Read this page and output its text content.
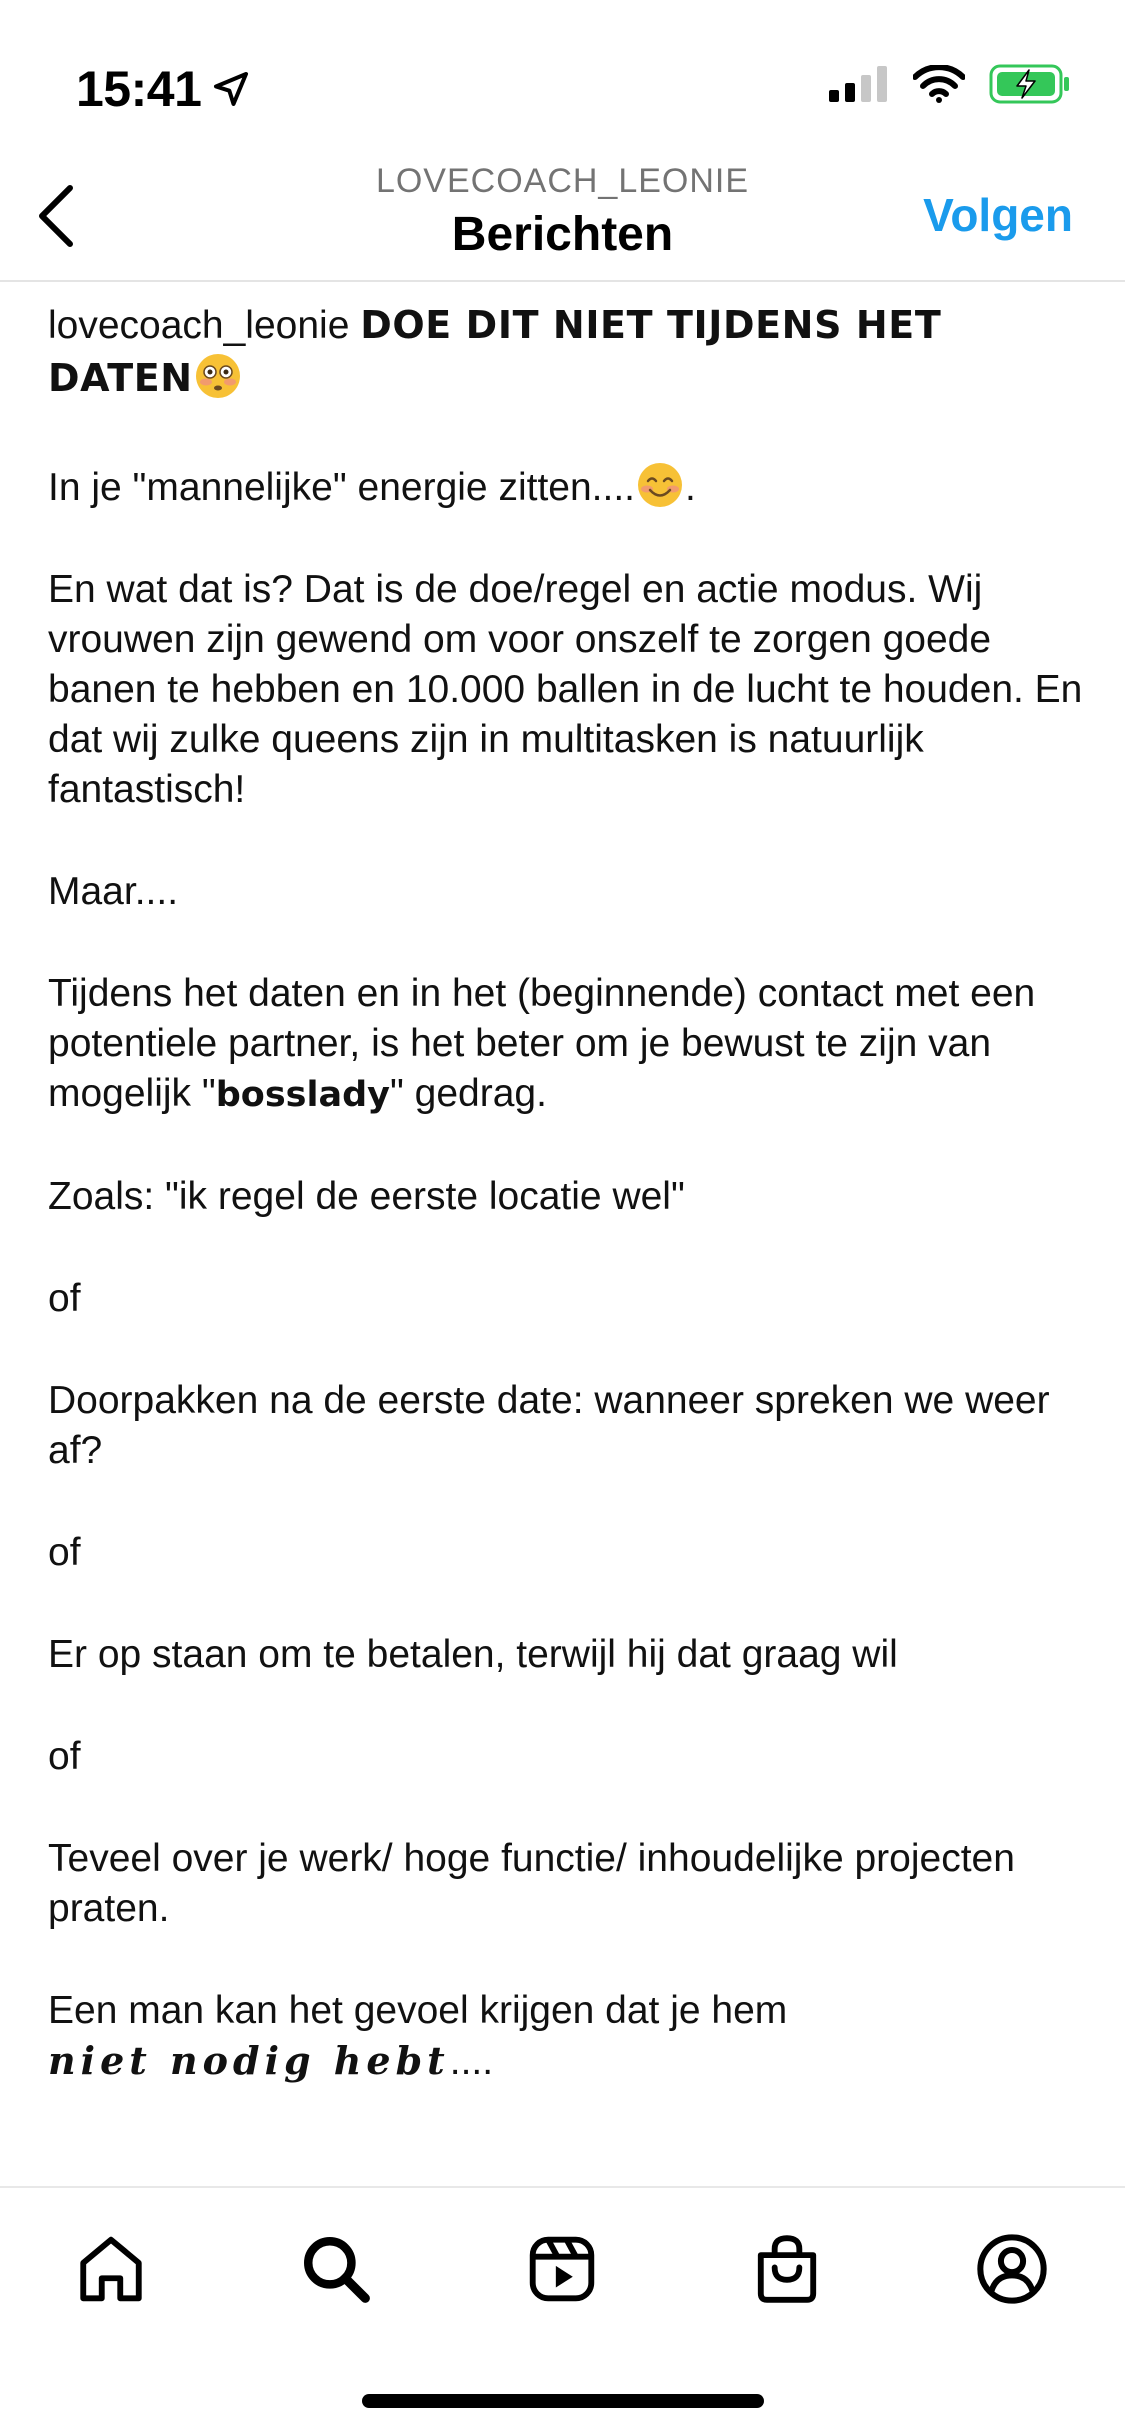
15:41
LOVECOACH_LEONIE
Berichten	Volgen

lovecoach_leonie DOE DIT NIET TIJDENS HET DATEN

In je "mannelijke" energie zitten.... .

En wat dat is? Dat is de doe/regel en actie modus. Wij vrouwen zijn gewend om voor onszelf te zorgen goede banen te hebben en 10.000 ballen in de lucht te houden. En dat wij zulke queens zijn in multitasken is natuurlijk fantastisch!

Maar....

Tijdens het daten en in het (beginnende) contact met een potentiele partner, is het beter om je bewust te zijn van mogelijk "bosslady" gedrag.

Zoals: "ik regel de eerste locatie wel"

of

Doorpakken na de eerste date: wanneer spreken we weer af?

of

Er op staan om te betalen, terwijl hij dat graag wil

of

Teveel over je werk/ hoge functie/ inhoudelijke projecten praten.

Een man kan het gevoel krijgen dat je hem

niet nodig hebt....
